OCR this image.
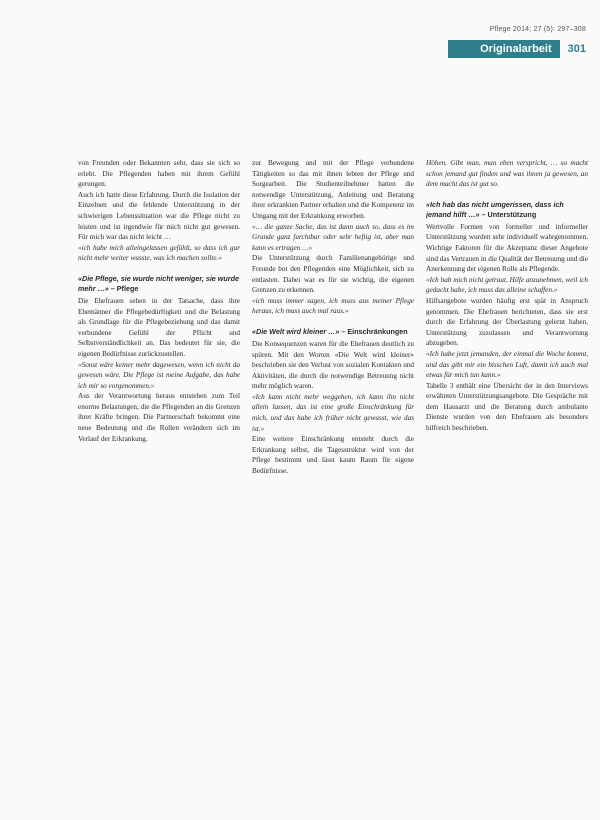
Pflege 2014; 27 (5): 297–308
Originalarbeit	301

von Freunden oder Bekannten sehr, dass sie sich so erlebt. Die Pflegenden haben mit ihrem Gefühl gerungen.

Auch ich hatte diese Erfahrung. Durch die Isolation der Einzelnen und die fehlende Unterstützung in der schwierigen Lebenssituation war die Pflege nicht zu leisten und ist irgendwie für mich nicht gut gewesen. Für mich war das nicht leicht …

«ich habe mich alleingelassen gefühlt, so dass ich gar nicht mehr weiter wusste, was ich machen sollte.»

«Die Pflege, sie wurde nicht weniger, sie wurde mehr …» – Pflege

Die Ehefrauen sehen in der Tatsache, dass ihre Ehemänner die Pflegebedürftigkeit und die Belastung als Grundlage für die Pflegebeziehung und das damit verbundene Gefühl der Pflicht und Selbstverständlichkeit an. Das bedeutet für sie, die eigenen Bedürfnisse zurückzustellen.

«Sonst wäre keiner mehr dagewesen, wenn ich nicht da gewesen wäre. Die Pflege ist meine Aufgabe, das habe ich mir so vorgenommen.»

Aus der Verantwortung heraus entstehen zum Teil enorme Belastungen, die die Pflegenden an die Grenzen ihrer Kräfte bringen. Die Partnerschaft bekommt eine neue Bedeutung und die Rollen verändern sich im Verlauf der Erkrankung.

zur Bewegung und mit der Pflege verbundene Tätigkeiten so das mit ihnen lebten der Pflege und Sorgearbeit. Die Studienteilnehmer hatten die notwendige Unterstützung, Anleitung und Beratung ihrer erkrankten Partner erhalten und die Kompetenz im Umgang mit der Erkrankung erworben.

«… die ganze Sache, das ist dann auch so, dass es im Grunde ganz furchtbar oder sehr heftig ist, aber man kann es ertragen …»

Die Unterstützung durch Familienangehörige und Freunde bot den Pflegenden eine Möglichkeit, sich zu entlasten. Dabei war es für sie wichtig, die eigenen Grenzen zu erkennen.

«ich muss immer sagen, ich muss aus meiner Pflege heraus, ich muss auch mal raus.»

«Die Welt wird kleiner …» – Einschränkungen

Die Konsequenzen waren für die Ehefrauen deutlich zu spüren. Mit den Worten «Die Welt wird kleiner» beschrieben sie den Verlust von sozialen Kontakten und Aktivitäten, die durch die notwendige Betreuung nicht mehr möglich waren.

«Ich kann nicht mehr weggehen, ich kann ihn nicht allein lassen, das ist eine große Einschränkung für mich, und das habe ich früher nicht gewusst, wie das ist.»

Eine weitere Einschränkung entsteht durch die Erkrankung selbst, die Tagesstruktur wird von der Pflege bestimmt und lässt kaum Raum für eigene Bedürfnisse.

Höhen. Gibt man, man eben verspricht, … so macht schon jemand gut finden und was ihnen ja gewesen, an dem macht das ist gut so.

«Ich hab das nicht umgerissen, dass ich jemand hilft …» – Unterstützung

Wertvolle Formen von formeller und informeller Unterstützung wurden sehr individuell wahrgenommen. Wichtige Faktoren für die Akzeptanz dieser Angebote sind das Vertrauen in die Qualität der Betreuung und die Anerkennung der eigenen Rolle als Pflegende.

«Ich hab mich nicht getraut, Hilfe anzunehmen, weil ich gedacht habe, ich muss das alleine schaffen.»

Hilfsangebote wurden häufig erst spät in Anspruch genommen. Die Ehefrauen berichteten, dass sie erst durch die Erfahrung der Überlastung gelernt haben, Unterstützung zuzulassen und Verantwortung abzugeben.

«Ich habe jetzt jemanden, der einmal die Woche kommt, und das gibt mir ein bisschen Luft, damit ich auch mal etwas für mich tun kann.»

Tabelle 3 enthält eine Übersicht der in den Interviews erwähnten Unterstützungsangebote. Die Gespräche mit dem Hausarzt und die Beratung durch ambulante Dienste wurden von den Ehefrauen als besonders hilfreich beschrieben.
